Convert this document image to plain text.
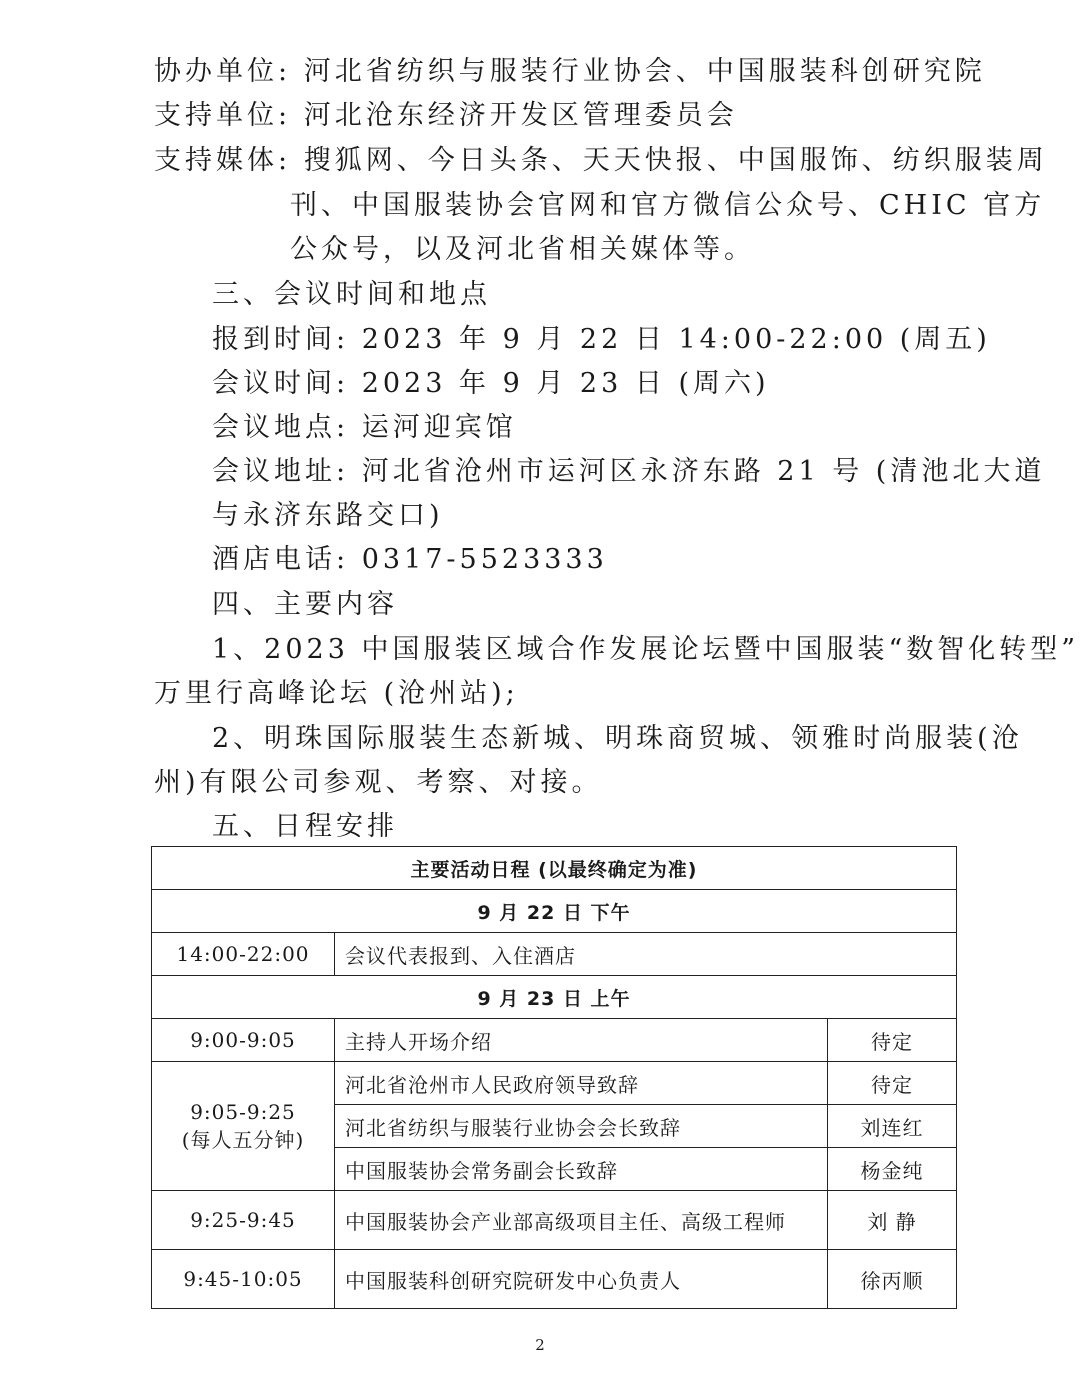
协办单位: 河北省纺织与服装行业协会、中国服装科创研究院
支持单位: 河北沧东经济开发区管理委员会
支持媒体: 搜狐网、今日头条、天天快报、中国服饰、纺织服装周
刊、中国服装协会官网和官方微信公众号、CHIC 官方
公众号，以及河北省相关媒体等。
三、会议时间和地点
报到时间: 2023 年 9 月 22 日 14:00-22:00 (周五)
会议时间: 2023 年 9 月 23 日 (周六)
会议地点: 运河迎宾馆
会议地址: 河北省沧州市运河区永济东路 21 号 (清池北大道
与永济东路交口)
酒店电话: 0317-5523333
四、主要内容
1、2023 中国服装区域合作发展论坛暨中国服装“数智化转型”
万里行高峰论坛 (沧州站);
2、明珠国际服装生态新城、明珠商贸城、领雅时尚服装(沧
州)有限公司参观、考察、对接。
五、日程安排
主要活动日程 (以最终确定为准)		
9 月 22 日 下午		
14:00-22:00	会议代表报到、入住酒店	
9 月 23 日 上午		
9:00-9:05	主持人开场介绍	待定

9:05-9:25
(每人五分钟)	河北省沧州市人民政府领导致辞	待定
	河北省纺织与服装行业协会会长致辞	刘连红
	中国服装协会常务副会长致辞	杨金纯
9:25-9:45	中国服装协会产业部高级项目主任、高级工程师	刘 静
9:45-10:05	中国服装科创研究院研发中心负责人	徐丙顺
2
